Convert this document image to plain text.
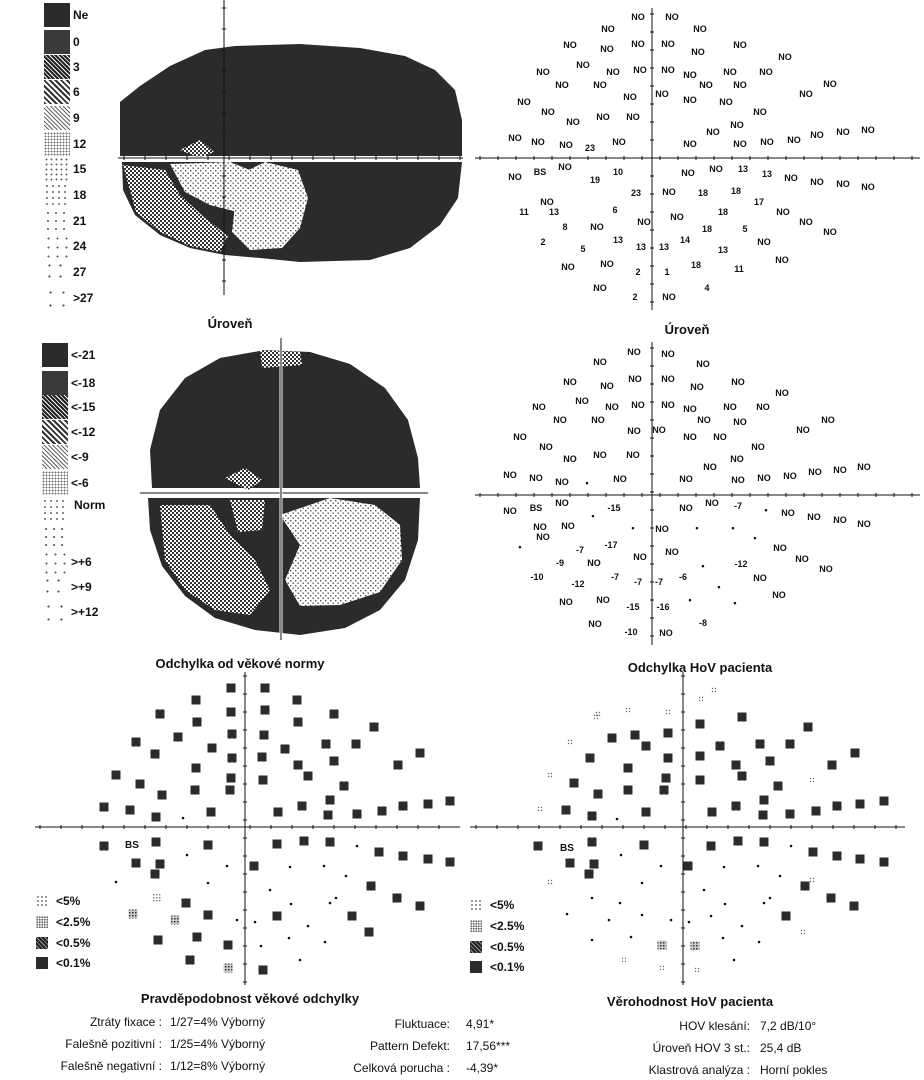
NO
NO NO
NO
NO	NO NO NO
NO
NO
NO
NO
NO NO NO NO	NO	NO
NO
NO	NO
NO NO
NO
NO NO
NO
NO
NO
NO
NO NO NO
NO
NO
NO
NO
NO NO NO 23
NO	NO	NO NO NO NO NO NO
NO BS NO
19
10	NO NO 13 13 NO NO NO NO
NO
23 NO 18	18
17
11 13	6
NO NO	18	NO
NO
NO
8	NO	18	5
2
5
13
13 13
14
13
NO
NO	NO
2	1
18	11
NO
NO
2	NO
4
NO
NO NO
NO
NO	NO
NO NO
NO	NO
NO
NO
NO NO NO NO	NO NO
NO
NO	NO
NO NO
NO
NO	NO
NO
NO
NO
NO
NO NO NO
NO
NO
NO
NO
NO NO NO •	NO	NO	NO NO NO NO NO NO
NO BS NO
•
-15	NO NO -7 • NO NO NO NO
NO NO	• NO	•	•
•
NO
-17
-7
NO NO	NO
NO
NO
•
-9	NO	•	-12
-10
-12
-7 -7 -7 -6
•
NO
NO	NO
-15 -16
•	•
NO
NO
-10 NO
-8
BS	BS
Úroveň	Úroveň
Odchylka od věkové normy	Odchylka HoV pacienta
Pravděpodobnost věkové odchylky	Věrohodnost HoV pacienta
Ne
0
3
6
9
12
15
18
21
24
27
>27
<-21
<-18
<-15
<-12
<-9
<-6
Norm
>+6
>+9
>+12
<5%
<2.5%
<0.5%
<0.1%
<5%
<2.5%
<0.5%
<0.1%
Ztráty fixace : 1/27=4% Výborný
Falešně pozitivní : 1/25=4% Výborný
Falešně negativní : 1/12=8% Výborný
Fluktuace: 4,91*
Pattern Defekt: 17,56***
Celková porucha : -4,39*
HOV klesání: 7,2 dB/10°
Úroveň HOV 3 st.: 25,4 dB
Klastrová analýza : Horní pokles
